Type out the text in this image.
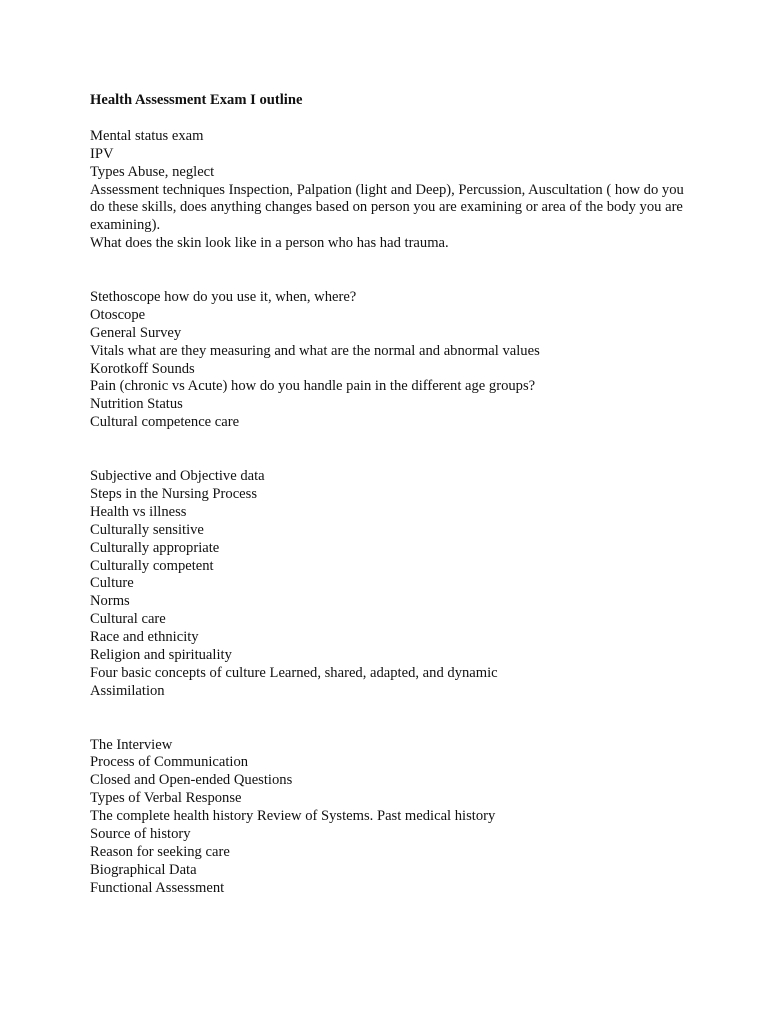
Health Assessment Exam I outline
Mental status exam
IPV
Types Abuse, neglect
Assessment techniques Inspection, Palpation (light and Deep), Percussion, Auscultation ( how do you do these skills, does anything changes based on person you are examining or area of the body you are examining).
What does the skin look like in a person who has had trauma.
Stethoscope how do you use it, when, where?
Otoscope
General Survey
Vitals what are they measuring and what are the normal and abnormal values
Korotkoff Sounds
Pain (chronic vs Acute) how do you handle pain in the different age groups?
Nutrition Status
Cultural competence care
Subjective and Objective data
Steps in the Nursing Process
Health vs illness
Culturally sensitive
Culturally appropriate
Culturally competent
Culture
Norms
Cultural care
Race and ethnicity
Religion and spirituality
Four basic concepts of culture Learned, shared, adapted, and dynamic
Assimilation
The Interview
Process of Communication
Closed and Open-ended Questions
Types of Verbal Response
The complete health history Review of Systems. Past medical history
Source of history
Reason for seeking care
Biographical Data
Functional Assessment
